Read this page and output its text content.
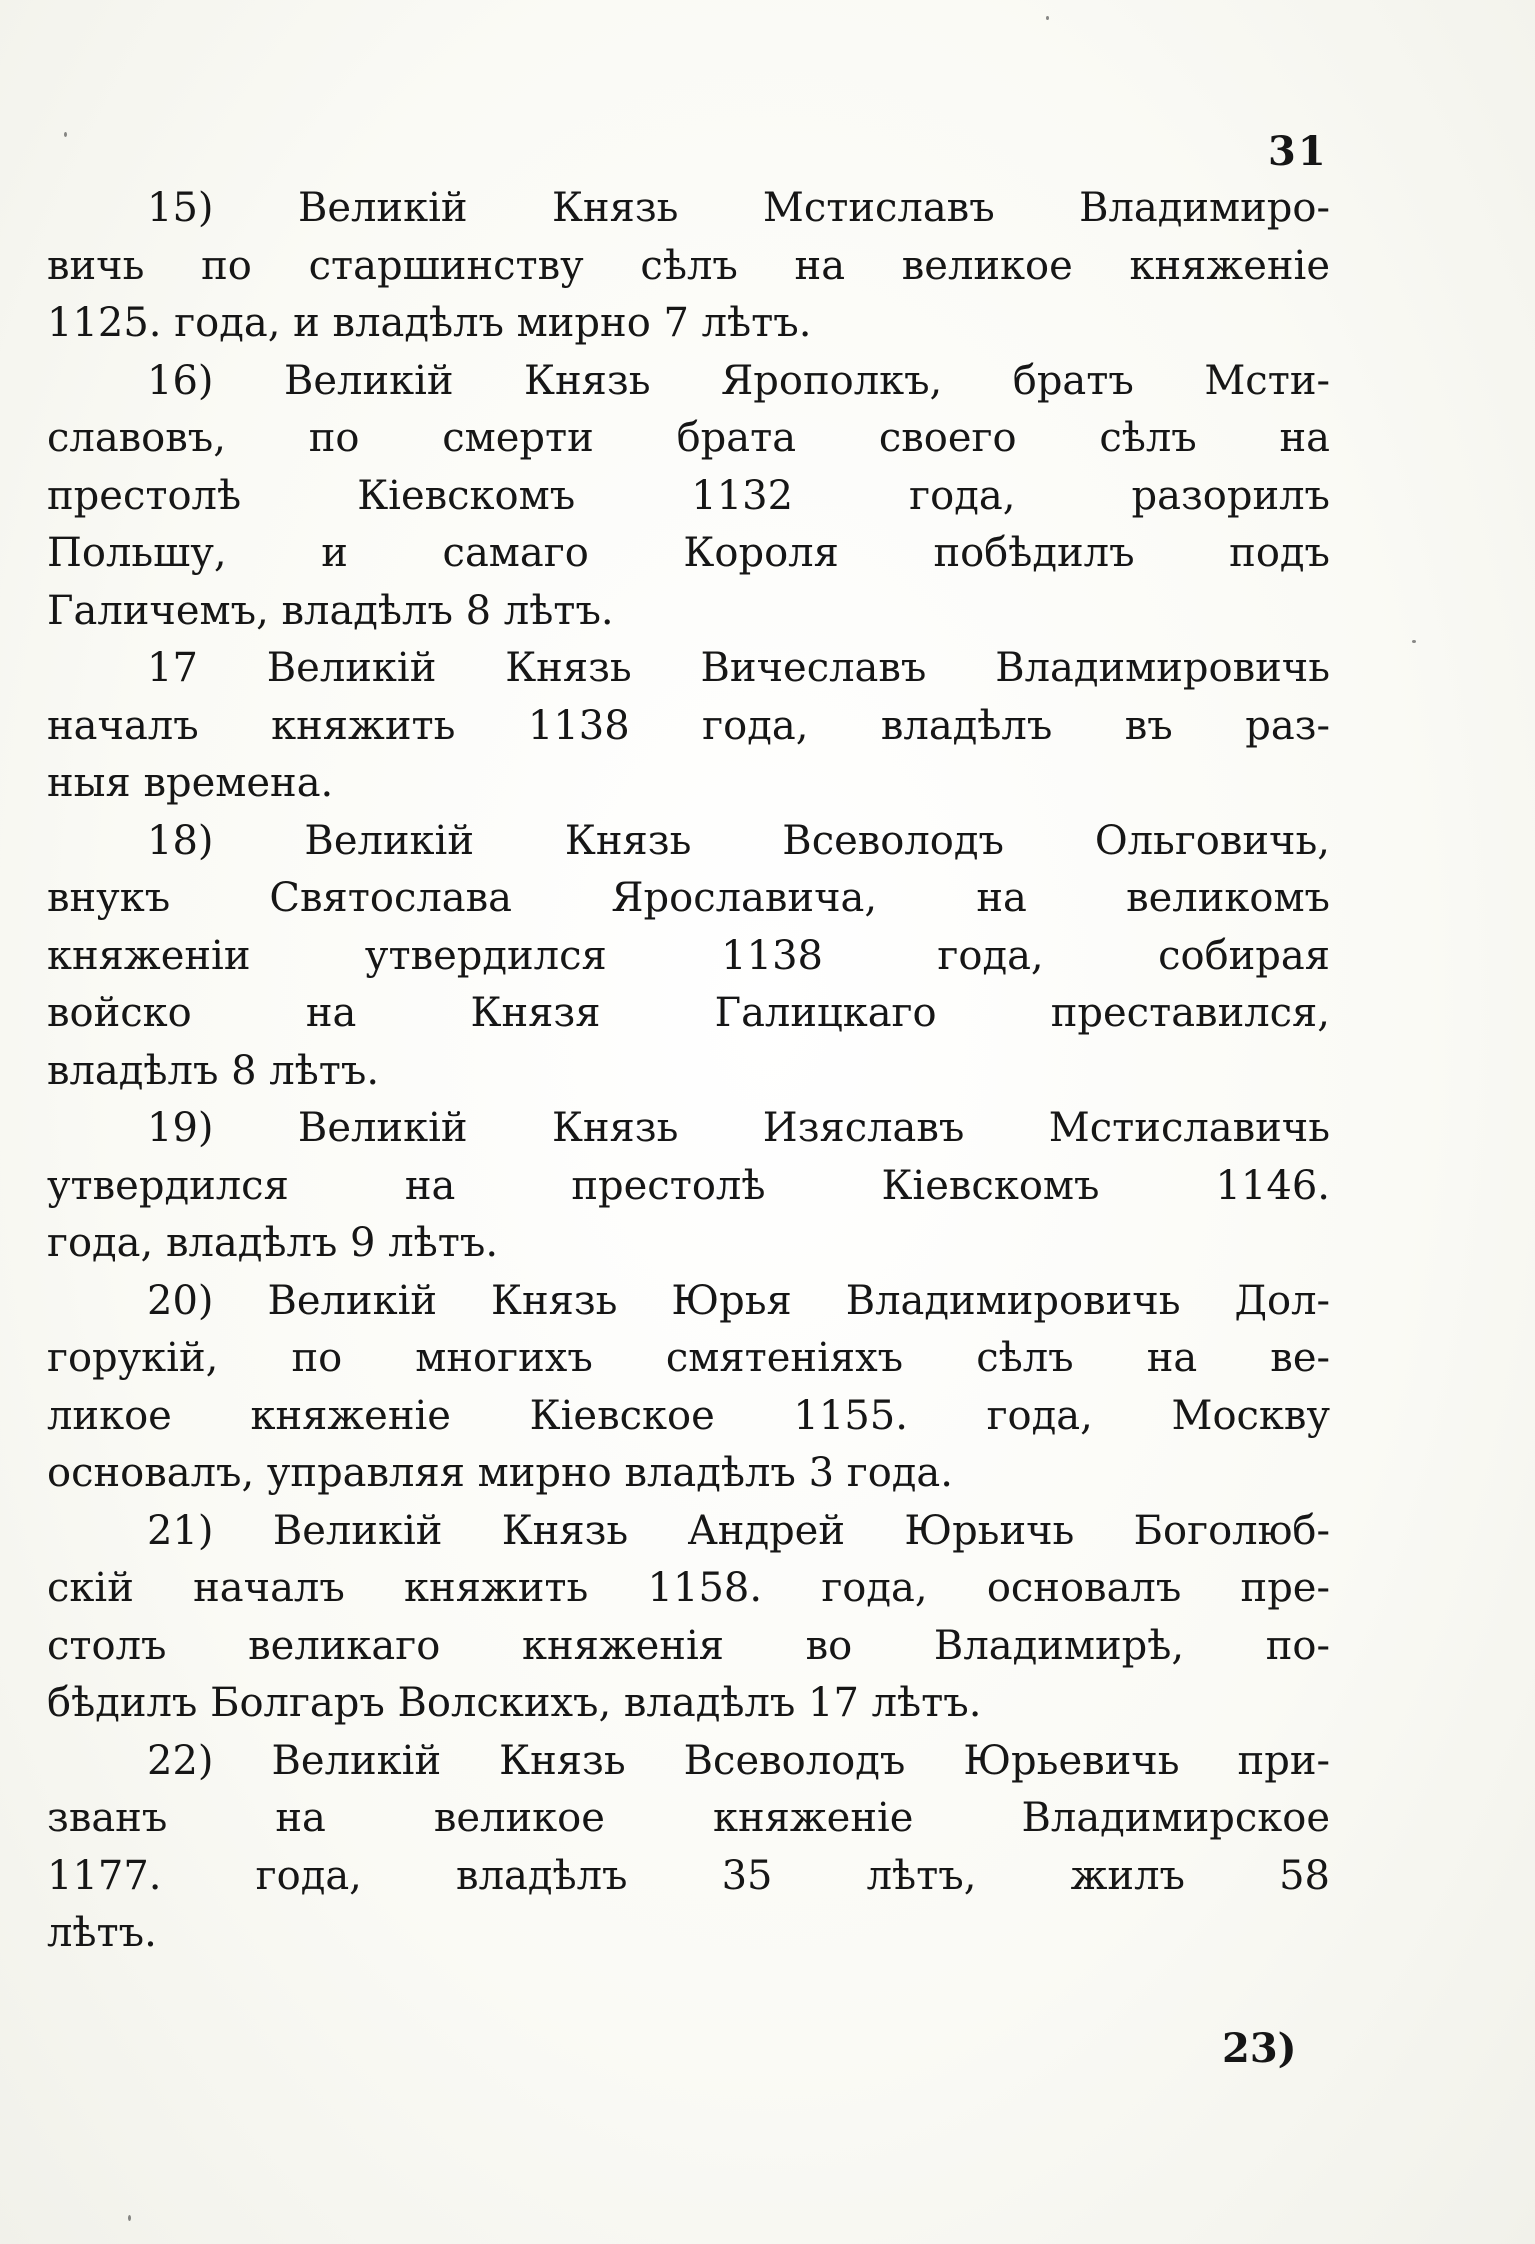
31
15) Великій Князь Мстиславъ Владимиро-
вичь по старшинству сѣлъ на великое княженіе
1125. года, и владѣлъ мирно 7 лѣтъ.
16) Великій Князь Ярополкъ, братъ Мсти-
славовъ, по смерти брата своего сѣлъ на
престолѣ Кіевскомъ 1132 года, разорилъ
Польшу, и самаго Короля побѣдилъ подъ
Галичемъ, владѣлъ 8 лѣтъ.
17 Великій Князь Вичеславъ Владимировичь
началъ княжить 1138 года, владѣлъ въ раз-
ныя времена.
18) Великій Князь Всеволодъ Ольговичь,
внукъ Святослава Ярославича, на великомъ
княженіи утвердился 1138 года, собирая
войско на Князя Галицкаго преставился,
владѣлъ 8 лѣтъ.
19) Великій Князь Изяславъ Мстиславичь
утвердился на престолѣ Кіевскомъ 1146.
года, владѣлъ 9 лѣтъ.
20) Великій Князь Юрья Владимировичь Дол-
горукій, по многихъ смятеніяхъ сѣлъ на ве-
ликое княженіе Кіевское 1155. года, Москву
основалъ, управляя мирно владѣлъ 3 года.
21) Великій Князь Андрей Юрьичь Боголюб-
скій началъ княжить 1158. года, основалъ пре-
столъ великаго княженія во Владимирѣ, по-
бѣдилъ Болгаръ Волскихъ, владѣлъ 17 лѣтъ.
22) Великій Князь Всеволодъ Юрьевичь при-
званъ на великое княженіе Владимирское
1177. года, владѣлъ 35 лѣтъ, жилъ 58
лѣтъ.
23)
